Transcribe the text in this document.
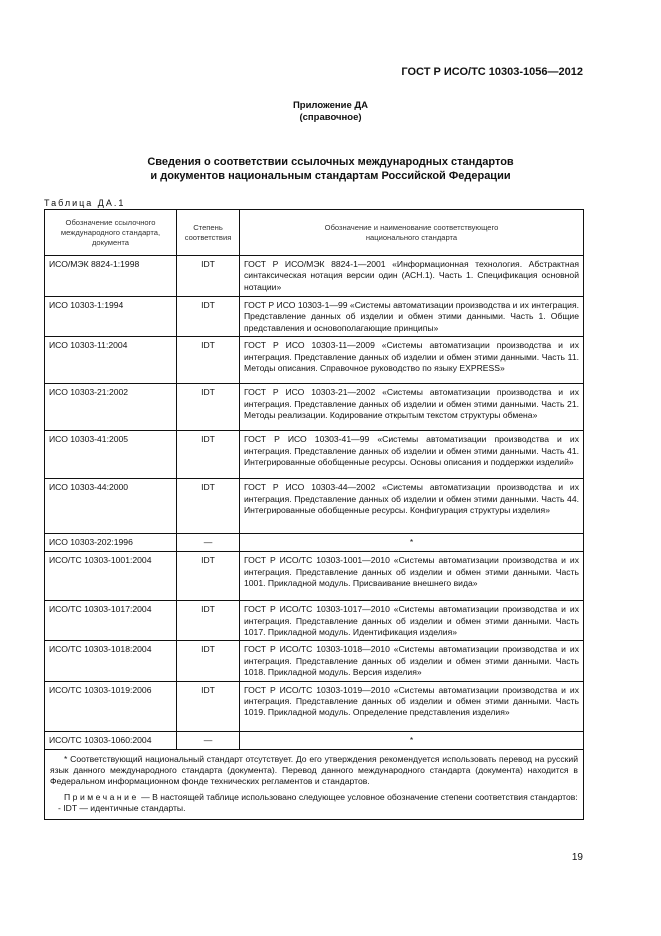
ГОСТ Р ИСО/ТС 10303-1056—2012
Приложение ДА
(справочное)
Сведения о соответствии ссылочных международных стандартов
и документов национальным стандартам Российской Федерации
Таблица ДА.1
Обозначение ссылочного международного стандарта, документа	Степень соответствия	Обозначение и наименование соответствующего национального стандарта
ИСО/МЭК 8824-1:1998	IDT	ГОСТ Р ИСО/МЭК 8824-1—2001 «Информационная технология. Абстрактная синтаксическая нотация версии один (АСН.1). Часть 1. Спецификация основной нотации»
ИСО 10303-1:1994	IDT	ГОСТ Р ИСО 10303-1—99 «Системы автоматизации производства и их интеграция. Представление данных об изделии и обмен этими данными. Часть 1. Общие представления и основополагающие принципы»
ИСО 10303-11:2004	IDT	ГОСТ Р ИСО 10303-11—2009 «Системы автоматизации производства и их интеграция. Представление данных об изделии и обмен этими данными. Часть 11. Методы описания. Справочное руководство по языку EXPRESS»
ИСО 10303-21:2002	IDT	ГОСТ Р ИСО 10303-21—2002 «Системы автоматизации производства и их интеграция. Представление данных об изделии и обмен этими данными. Часть 21. Методы реализации. Кодирование открытым текстом структуры обмена»
ИСО 10303-41:2005	IDT	ГОСТ Р ИСО 10303-41—99 «Системы автоматизации производства и их интеграция. Представление данных об изделии и обмен этими данными. Часть 41. Интегрированные обобщенные ресурсы. Основы описания и поддержки изделий»
ИСО 10303-44:2000	IDT	ГОСТ Р ИСО 10303-44—2002 «Системы автоматизации производства и их интеграция. Представление данных об изделии и обмен этими данными. Часть 44. Интегрированные обобщенные ресурсы. Конфигурация структуры изделия»
ИСО 10303-202:1996	—	*
ИСО/ТС 10303-1001:2004	IDT	ГОСТ Р ИСО/ТС 10303-1001—2010 «Системы автоматизации производства и их интеграция. Представление данных об изделии и обмен этими данными. Часть 1001. Прикладной модуль. Присваивание внешнего вида»
ИСО/ТС 10303-1017:2004	IDT	ГОСТ Р ИСО/ТС 10303-1017—2010 «Системы автоматизации производства и их интеграция. Представление данных об изделии и обмен этими данными. Часть 1017. Прикладной модуль. Идентификация изделия»
ИСО/ТС 10303-1018:2004	IDT	ГОСТ Р ИСО/ТС 10303-1018—2010 «Системы автоматизации производства и их интеграция. Представление данных об изделии и обмен этими данными. Часть 1018. Прикладной модуль. Версия изделия»
ИСО/ТС 10303-1019:2006	IDT	ГОСТ Р ИСО/ТС 10303-1019—2010 «Системы автоматизации производства и их интеграция. Представление данных об изделии и обмен этими данными. Часть 1019. Прикладной модуль. Определение представления изделия»
ИСО/ТС 10303-1060:2004	—	*

* Соответствующий национальный стандарт отсутствует. До его утверждения рекомендуется использовать перевод на русский язык данного международного стандарта (документа). Перевод данного международного стандарта (документа) находится в Федеральном информационном фонде технических регламентов и стандартов.
Примечание — В настоящей таблице использовано следующее условное обозначение степени соответствия стандартов:
- IDT — идентичные стандарты.		
19
